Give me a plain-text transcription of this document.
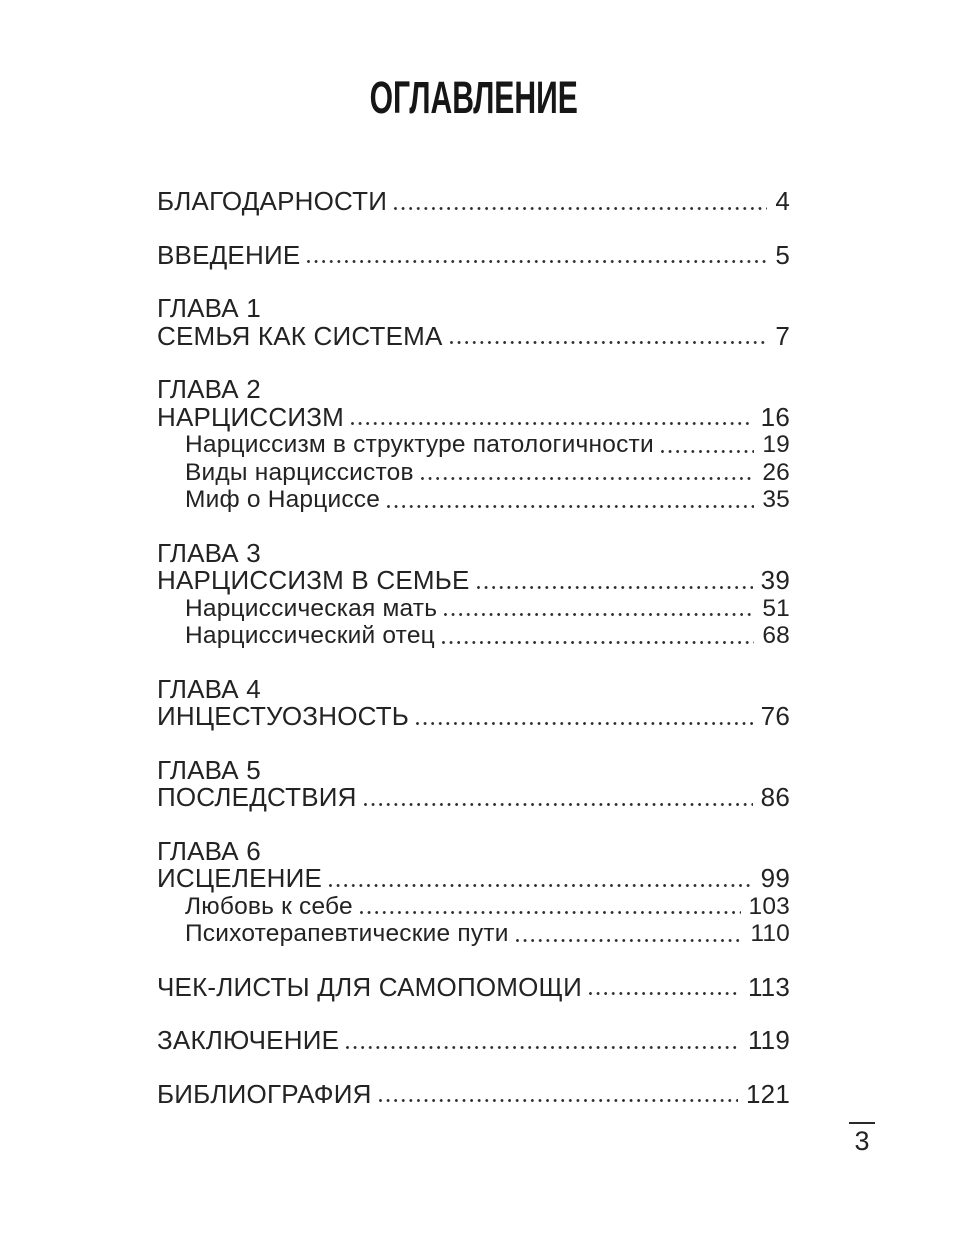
ОГЛАВЛЕНИЕ
БЛАГОДАРНОСТИ	4
ВВЕДЕНИЕ	5
ГЛАВА 1
СЕМЬЯ КАК СИСТЕМА	7
ГЛАВА 2
НАРЦИССИЗМ	16
Нарциссизм в структуре патологичности	19
Виды нарциссистов	26
Миф о Нарциссе	35
ГЛАВА 3
НАРЦИССИЗМ В СЕМЬЕ	39
Нарциссическая мать	51
Нарциссический отец	68
ГЛАВА 4
ИНЦЕСТУОЗНОСТЬ	76
ГЛАВА 5
ПОСЛЕДСТВИЯ	86
ГЛАВА 6
ИСЦЕЛЕНИЕ	99
Любовь к себе	103
Психотерапевтические пути	110
ЧЕК-ЛИСТЫ ДЛЯ САМОПОМОЩИ	113
ЗАКЛЮЧЕНИЕ	119
БИБЛИОГРАФИЯ	121
3
